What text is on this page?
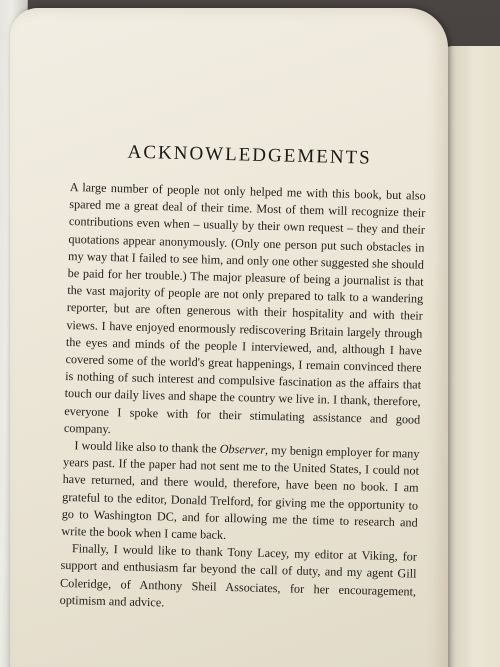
ACKNOWLEDGEMENTS

A large number of people not only helped me with this book, but also spared me a great deal of their time. Most of them will recognize their contributions even when – usually by their own request – they and their quotations appear anonymously. (Only one person put such obstacles in my way that I failed to see him, and only one other suggested she should be paid for her trouble.) The major pleasure of being a journalist is that the vast majority of people are not only prepared to talk to a wandering reporter, but are often generous with their hospitality and with their views. I have enjoyed enormously rediscovering Britain largely through the eyes and minds of the people I interviewed, and, although I have covered some of the world's great happenings, I remain convinced there is nothing of such interest and compulsive fascination as the affairs that touch our daily lives and shape the country we live in. I thank, therefore, everyone I spoke with for their stimulating assistance and good company.

I would like also to thank the Observer, my benign employer for many years past. If the paper had not sent me to the United States, I could not have returned, and there would, therefore, have been no book. I am grateful to the editor, Donald Trelford, for giving me the opportunity to go to Washington DC, and for allowing me the time to research and write the book when I came back.

Finally, I would like to thank Tony Lacey, my editor at Viking, for support and enthusiasm far beyond the call of duty, and my agent Gill Coleridge, of Anthony Sheil Associates, for her encouragement, optimism and advice.
